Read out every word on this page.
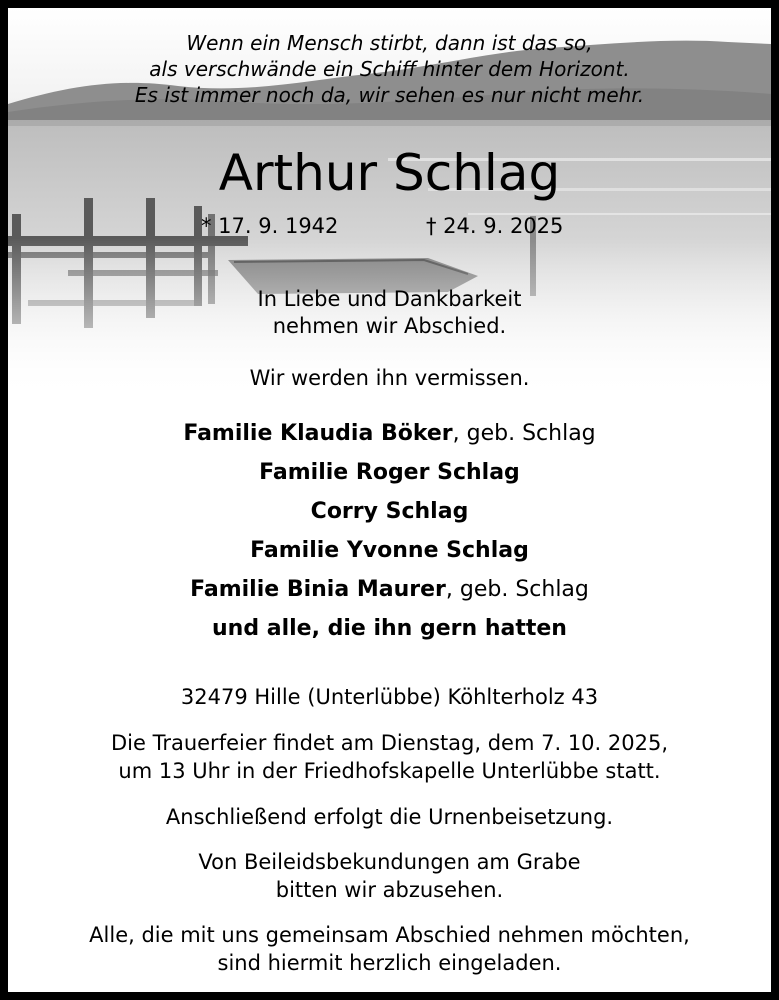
Wenn ein Mensch stirbt, dann ist das so,
als verschwände ein Schiff hinter dem Horizont.
Es ist immer noch da, wir sehen es nur nicht mehr.
Arthur Schlag
* 17. 9. 1942	† 24. 9. 2025
In Liebe und Dankbarkeit
nehmen wir Abschied.
Wir werden ihn vermissen.
Familie Klaudia Böker, geb. Schlag
Familie Roger Schlag
Corry Schlag
Familie Yvonne Schlag
Familie Binia Maurer, geb. Schlag
und alle, die ihn gern hatten
32479 Hille (Unterlübbe) Köhlterholz 43
Die Trauerfeier findet am Dienstag, dem 7. 10. 2025,
um 13 Uhr in der Friedhofskapelle Unterlübbe statt.
Anschließend erfolgt die Urnenbeisetzung.
Von Beileidsbekundungen am Grabe
bitten wir abzusehen.
Alle, die mit uns gemeinsam Abschied nehmen möchten,
sind hiermit herzlich eingeladen.
